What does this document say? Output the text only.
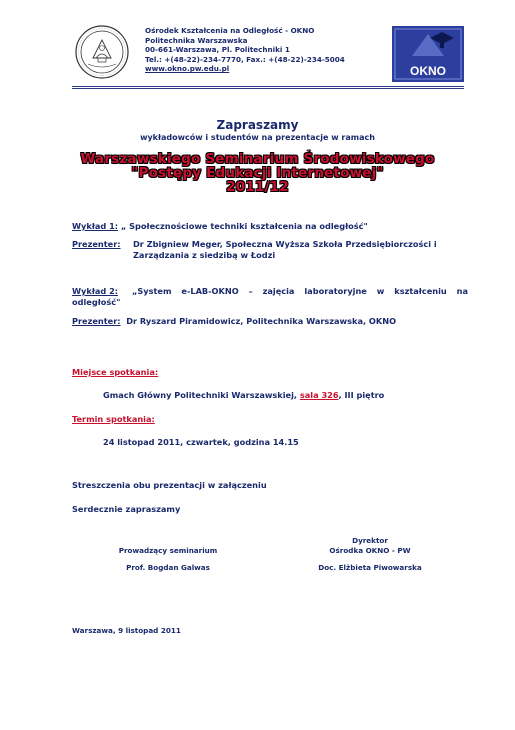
Ośrodek Kształcenia na Odległość - OKNO
Politechnika Warszawska
00-661-Warszawa, Pl. Politechniki 1
Tel.: +(48-22)-234-7770, Fax.: +(48-22)-234-5004
www.okno.pw.edu.pl	OKNO
Zapraszamy
wykładowców i studentów na prezentacje w ramach
Warszawskiego Seminarium Środowiskowego
"Postępy Edukacji Internetowej"
2011/12
Wykład 1: „ Społecznościowe techniki kształcenia na odległość"
Prezenter:	Dr Zbigniew Meger, Społeczna Wyższa Szkoła Przedsiębiorczości i
Zarządzania z siedzibą w Łodzi
Wykład 2:	„System e-LAB-OKNO – zajęcia laboratoryjne w kształceniu na
odległość"
Prezenter: Dr Ryszard Piramidowicz, Politechnika Warszawska, OKNO
Miejsce spotkania:
Gmach Główny Politechniki Warszawskiej, sala 326, III piętro
Termin spotkania:
24 listopad 2011, czwartek, godzina 14.15
Streszczenia obu prezentacji w załączeniu
Serdecznie zapraszamy
Prowadzący seminarium
Prof. Bogdan Galwas
Dyrektor
Ośrodka OKNO - PW
Doc. Elżbieta Piwowarska
Warszawa, 9 listopad 2011
